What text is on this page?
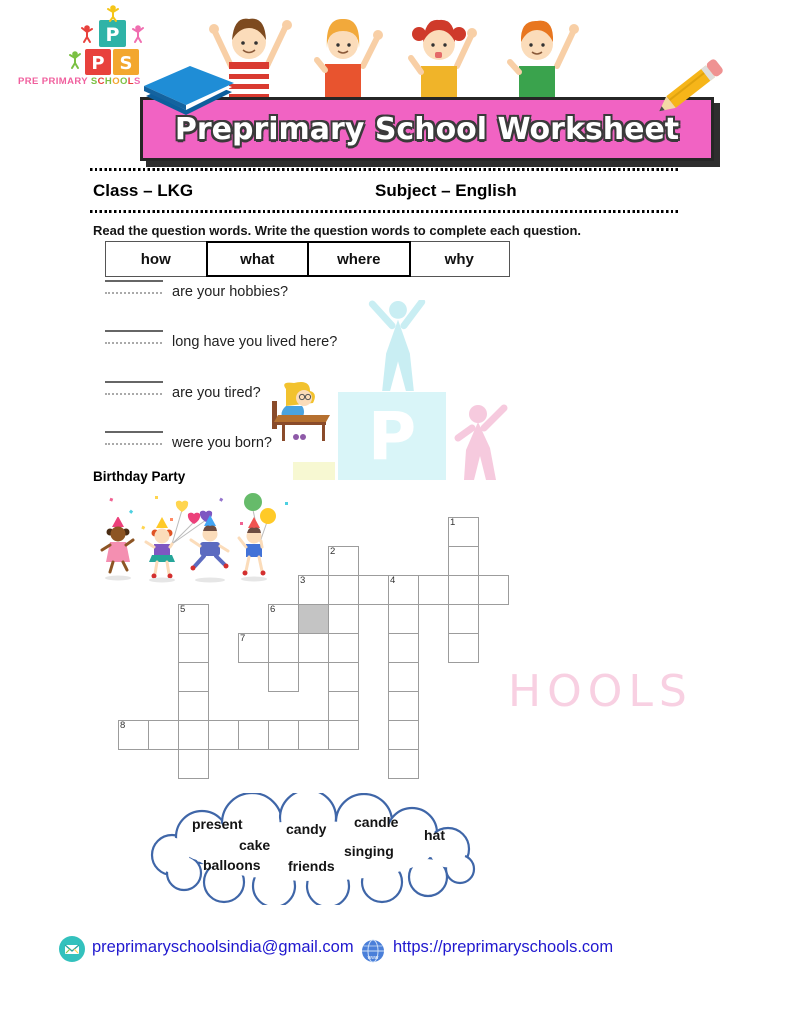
P
HOOLS
P
P S
PRE PRIMARY SCHOOLS
Preprimary School Worksheet
Class – LKG	Subject – English
Read the question words. Write the question words to complete each question.
how	what	where	why
are your hobbies?
long have you lived here?
are you tired?
were you born?
Birthday Party
1
2
3	4
5	6
7
8
present	candy candle
hat
cake	singing
balloons friends
preprimaryschoolsindia@gmail.com
www
https://preprimaryschools.com
